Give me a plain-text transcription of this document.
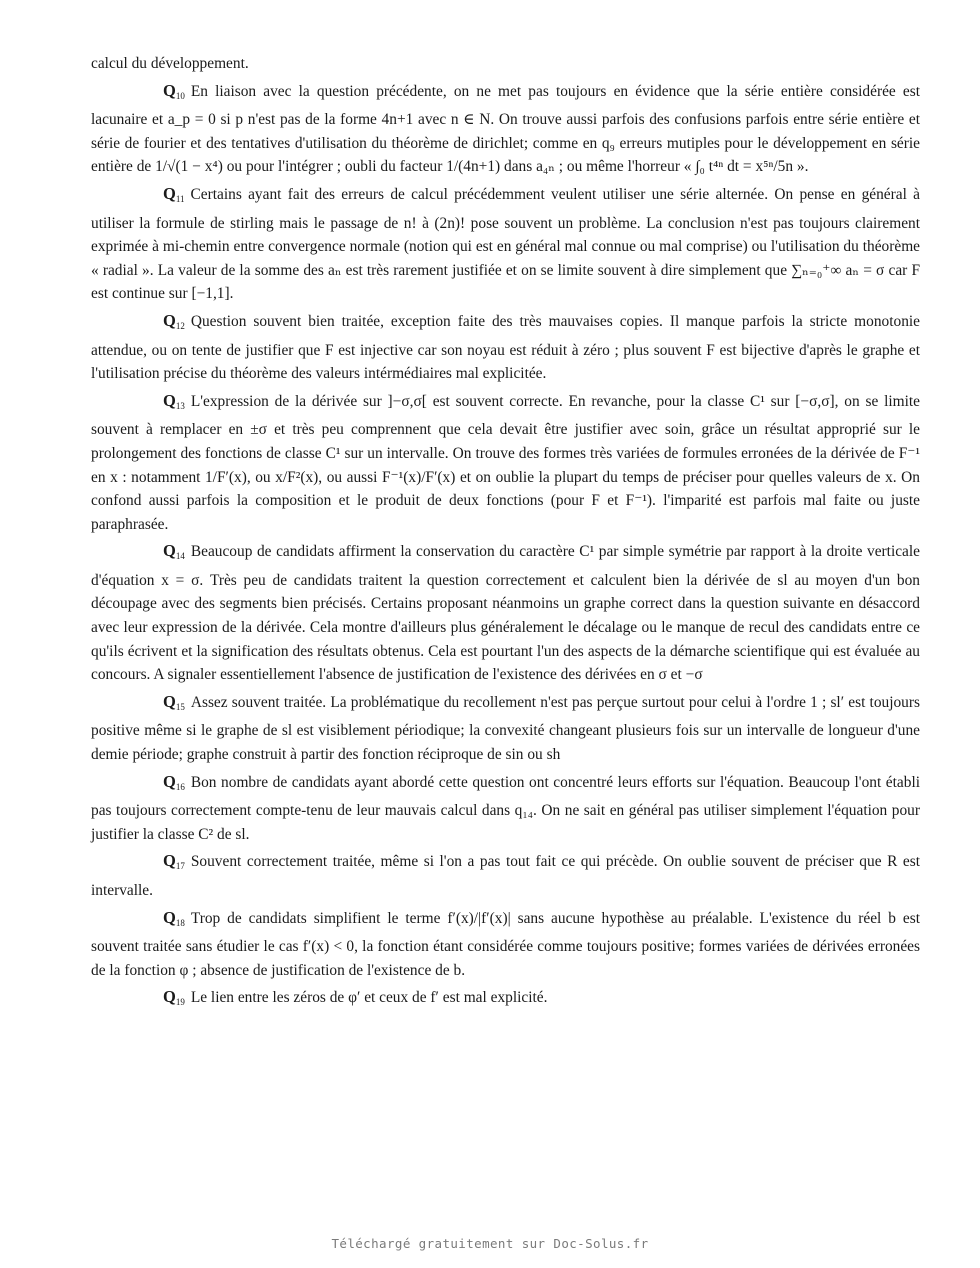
calcul du développement.

Q10 En liaison avec la question précédente, on ne met pas toujours en évidence que la série entière considérée est lacunaire et a_p = 0 si p n'est pas de la forme 4n+1 avec n ∈ N. On trouve aussi parfois des confusions parfois entre série entière et série de fourier et des tentatives d'utilisation du théorème de dirichlet; comme en q₉ erreurs mutiples pour le développement en série entière de 1/√(1 − x⁴) ou pour l'intégrer ; oubli du facteur 1/(4n+1) dans a₄ₙ ; ou même l'horreur « ∫₀ t⁴ⁿ dt = x⁵ⁿ/5n ».

Q11 Certains ayant fait des erreurs de calcul précédemment veulent utiliser une série alternée. On pense en général à utiliser la formule de stirling mais le passage de n! à (2n)! pose souvent un problème. La conclusion n'est pas toujours clairement exprimée à mi-chemin entre convergence normale (notion qui est en général mal connue ou mal comprise) ou l'utilisation du théorème « radial ». La valeur de la somme des aₙ est très rarement justifiée et on se limite souvent à dire simplement que ∑ₙ₌₀⁺∞ aₙ = σ car F est continue sur [−1,1].

Q12 Question souvent bien traitée, exception faite des très mauvaises copies. Il manque parfois la stricte monotonie attendue, ou on tente de justifier que F est injective car son noyau est réduit à zéro ; plus souvent F est bijective d'après le graphe et l'utilisation précise du théorème des valeurs intérmédiaires mal explicitée.

Q13 L'expression de la dérivée sur ]−σ,σ[ est souvent correcte. En revanche, pour la classe C¹ sur [−σ,σ], on se limite souvent à remplacer en ±σ et très peu comprennent que cela devait être justifier avec soin, grâce un résultat approprié sur le prolongement des fonctions de classe C¹ sur un intervalle. On trouve des formes très variées de formules erronées de la dérivée de F⁻¹ en x : notamment 1/F′(x), ou x/F²(x), ou aussi F⁻¹(x)/F′(x) et on oublie la plupart du temps de préciser pour quelles valeurs de x. On confond aussi parfois la composition et le produit de deux fonctions (pour F et F⁻¹). l'imparité est parfois mal faite ou juste paraphrasée.

Q14 Beaucoup de candidats affirment la conservation du caractère C¹ par simple symétrie par rapport à la droite verticale d'équation x = σ. Très peu de candidats traitent la question correctement et calculent bien la dérivée de sl au moyen d'un bon découpage avec des segments bien précisés. Certains proposant néanmoins un graphe correct dans la question suivante en désaccord avec leur expression de la dérivée. Cela montre d'ailleurs plus généralement le décalage ou le manque de recul des candidats entre ce qu'ils écrivent et la signification des résultats obtenus. Cela est pourtant l'un des aspects de la démarche scientifique qui est évaluée au concours. A signaler essentiellement l'absence de justification de l'existence des dérivées en σ et −σ

Q15 Assez souvent traitée. La problématique du recollement n'est pas perçue surtout pour celui à l'ordre 1 ; sl′ est toujours positive même si le graphe de sl est visiblement périodique; la convexité changeant plusieurs fois sur un intervalle de longueur d'une demie période; graphe construit à partir des fonction réciproque de sin ou sh

Q16 Bon nombre de candidats ayant abordé cette question ont concentré leurs efforts sur l'équation. Beaucoup l'ont établi pas toujours correctement compte-tenu de leur mauvais calcul dans q₁₄. On ne sait en général pas utiliser simplement l'équation pour justifier la classe C² de sl.

Q17 Souvent correctement traitée, même si l'on a pas tout fait ce qui précède. On oublie souvent de préciser que R est intervalle.

Q18 Trop de candidats simplifient le terme f′(x)/|f′(x)| sans aucune hypothèse au préalable. L'existence du réel b est souvent traitée sans étudier le cas f′(x) < 0, la fonction étant considérée comme toujours positive; formes variées de dérivées erronées de la fonction φ ; absence de justification de l'existence de b.

Q19 Le lien entre les zéros de φ′ et ceux de f′ est mal explicité.

Téléchargé gratuitement sur Doc-Solus.fr
